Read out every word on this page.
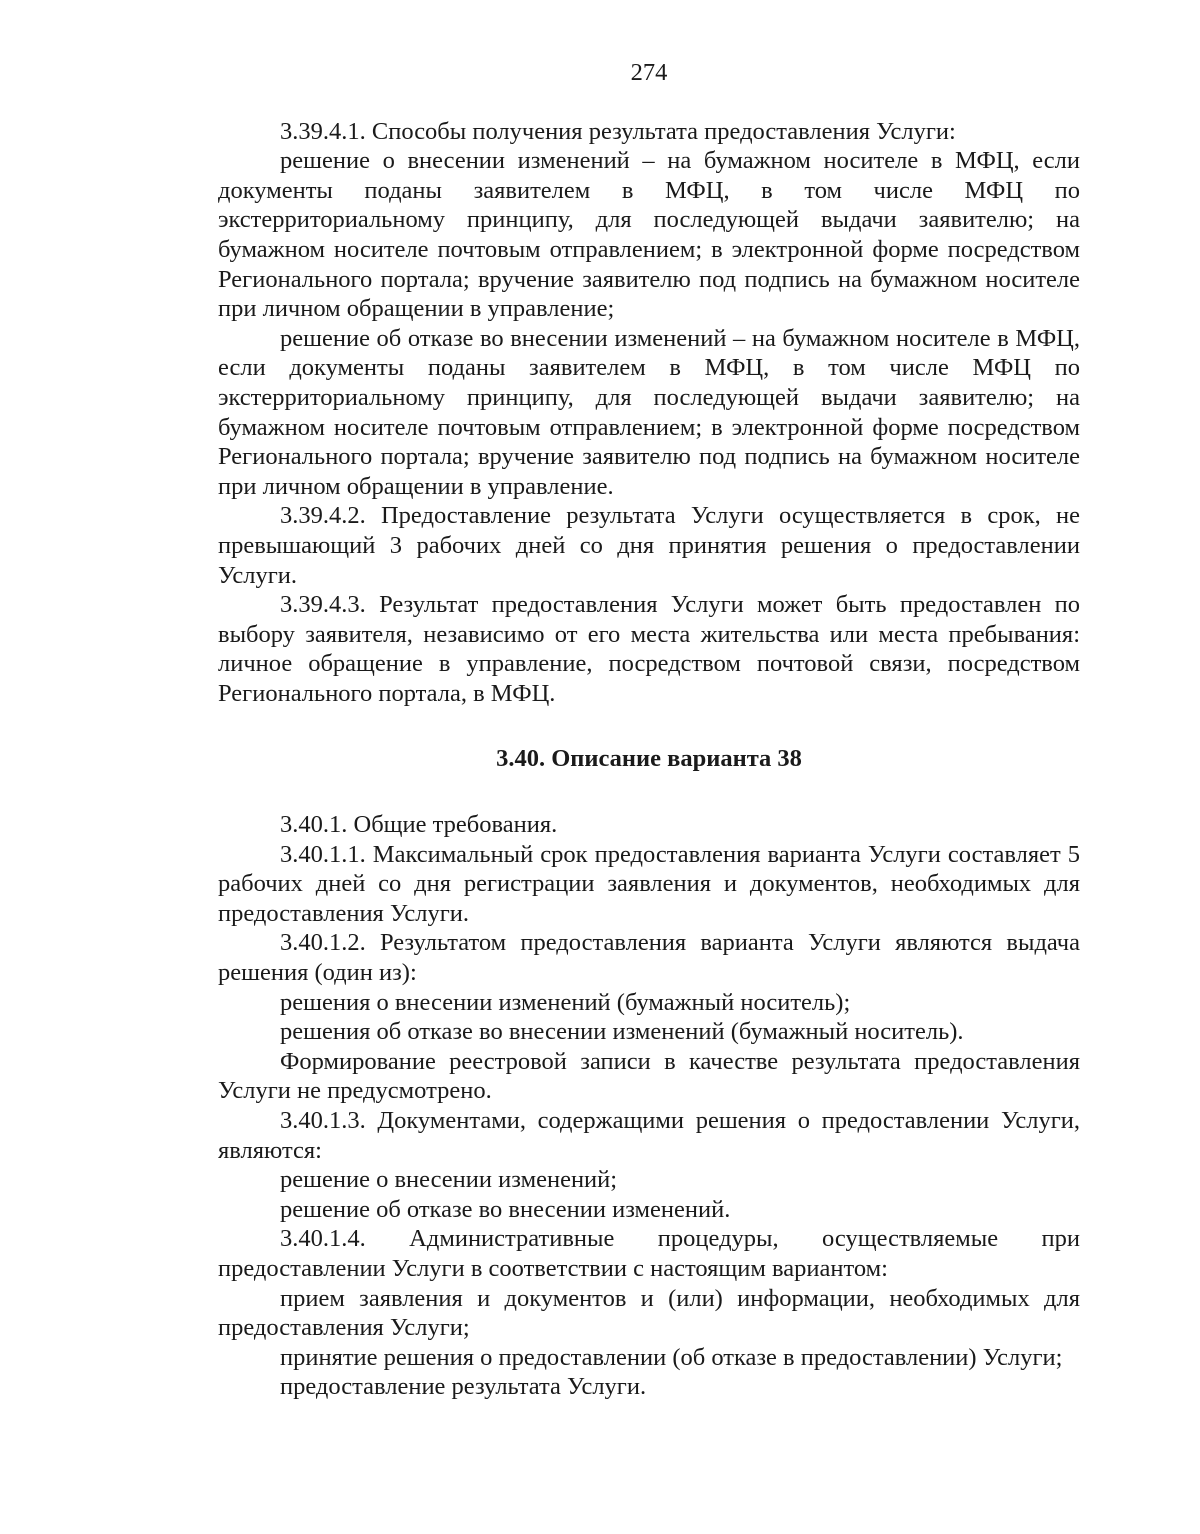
274

3.39.4.1. Способы получения результата предоставления Услуги:

решение о внесении изменений – на бумажном носителе в МФЦ, если документы поданы заявителем в МФЦ, в том числе МФЦ по экстерриториальному принципу, для последующей выдачи заявителю; на бумажном носителе почтовым отправлением; в электронной форме посредством Регионального портала; вручение заявителю под подпись на бумажном носителе при личном обращении в управление;

решение об отказе во внесении изменений – на бумажном носителе в МФЦ, если документы поданы заявителем в МФЦ, в том числе МФЦ по экстерриториальному принципу, для последующей выдачи заявителю; на бумажном носителе почтовым отправлением; в электронной форме посредством Регионального портала; вручение заявителю под подпись на бумажном носителе при личном обращении в управление.

3.39.4.2. Предоставление результата Услуги осуществляется в срок, не превышающий 3 рабочих дней со дня принятия решения о предоставлении Услуги.

3.39.4.3. Результат предоставления Услуги может быть предоставлен по выбору заявителя, независимо от его места жительства или места пребывания: личное обращение в управление, посредством почтовой связи, посредством Регионального портала, в МФЦ.

3.40. Описание варианта 38

3.40.1. Общие требования.

3.40.1.1. Максимальный срок предоставления варианта Услуги составляет 5 рабочих дней со дня регистрации заявления и документов, необходимых для предоставления Услуги.

3.40.1.2. Результатом предоставления варианта Услуги являются выдача решения (один из):

решения о внесении изменений (бумажный носитель);

решения об отказе во внесении изменений (бумажный носитель).

Формирование реестровой записи в качестве результата предоставления Услуги не предусмотрено.

3.40.1.3. Документами, содержащими решения о предоставлении Услуги, являются:

решение о внесении изменений;

решение об отказе во внесении изменений.

3.40.1.4. Административные процедуры, осуществляемые при предоставлении Услуги в соответствии с настоящим вариантом:

прием заявления и документов и (или) информации, необходимых для предоставления Услуги;

принятие решения о предоставлении (об отказе в предоставлении) Услуги;

предоставление результата Услуги.
